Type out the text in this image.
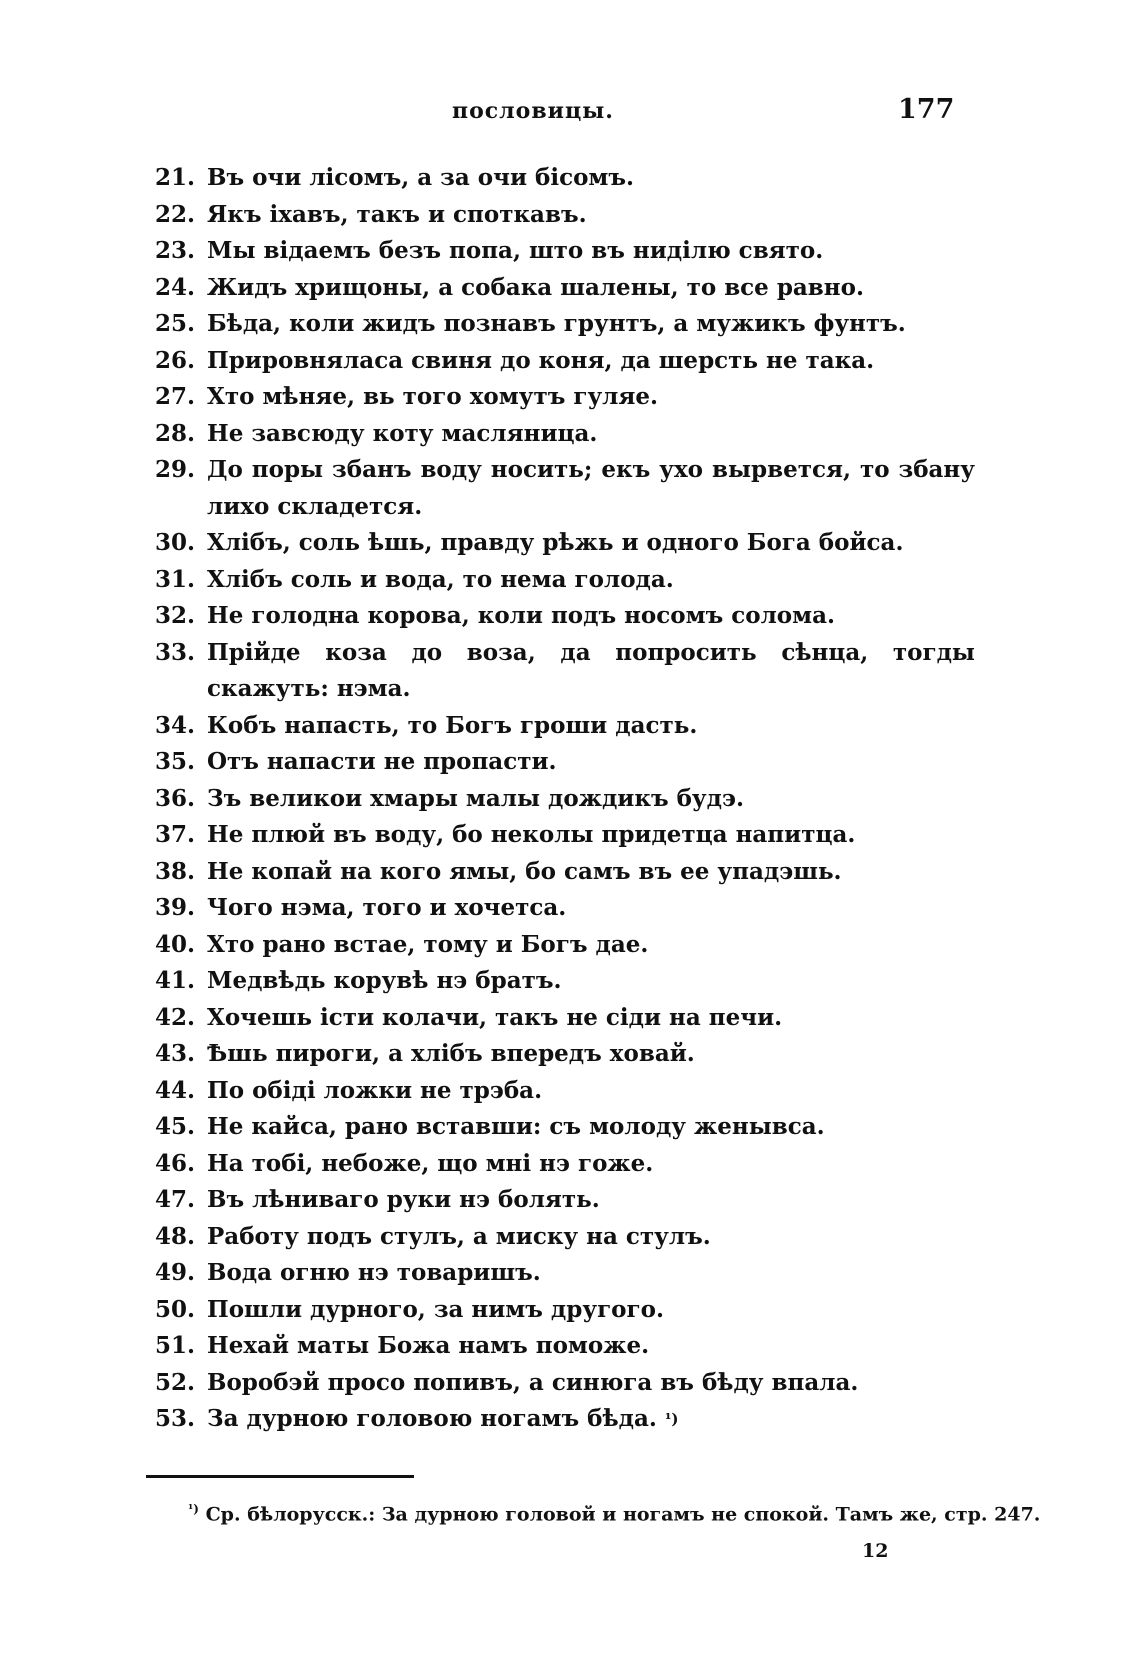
пословицы.	177
21. Въ очи лісомъ, а за очи бісомъ.
22. Якъ іхавъ, такъ и споткавъ.
23. Мы відаемъ безъ попа, што въ ниділю свято.
24. Жидъ хрищоны, а собака шалены, то все равно.
25. Бѣда, коли жидъ познавъ грунтъ, а мужикъ фунтъ.
26. Прировнялаcа свиня до коня, да шерсть не така.
27. Хто мѣняе, вь того хомутъ гуляе.
28. Не завсюду коту масляница.
29. До поры збанъ воду носить; екъ ухо вырвется, то збану лихо складется.
30. Хлібъ, соль ѣшь, правду рѣжь и одного Бога бойса.
31. Хлібъ соль и вода, то нема голода.
32. Не голодна корова, коли подъ носомъ солома.
33. Прійде коза до воза, да попросить сѣнца, тогды скажуть: нэма.
34. Кобъ напасть, то Богъ гроши дасть.
35. Отъ напасти не пропасти.
36. Зъ великои хмары малы дождикъ будэ.
37. Не плюй въ воду, бо неколы придетца напитца.
38. Не копай на кого ямы, бо самъ въ ее упадэшь.
39. Чого нэма, того и хочетса.
40. Хто рано встае, тому и Богъ дае.
41. Медвѣдь корувѣ нэ братъ.
42. Хочешь істи колачи, такъ не сіди на печи.
43. Ѣшь пироги, а хлібъ впередъ ховай.
44. По обіді ложки не трэба.
45. Не кайса, рано вставши: съ молоду женывса.
46. На тобі, небоже, що мні нэ гоже.
47. Въ лѣниваго руки нэ болять.
48. Работу подъ стулъ, а миску на стулъ.
49. Вода огню нэ товаришъ.
50. Пошли дурного, за нимъ другого.
51. Нехай маты Божа намъ поможе.
52. Воробэй просо попивъ, а синюга въ бѣду впала.
53. За дурною головою ногамъ бѣда. ¹)
$^{^1)}$ Ср. бѣлорусск.: За дурною головой и ногамъ не спокой. Тамъ же, стр. 247.
12
